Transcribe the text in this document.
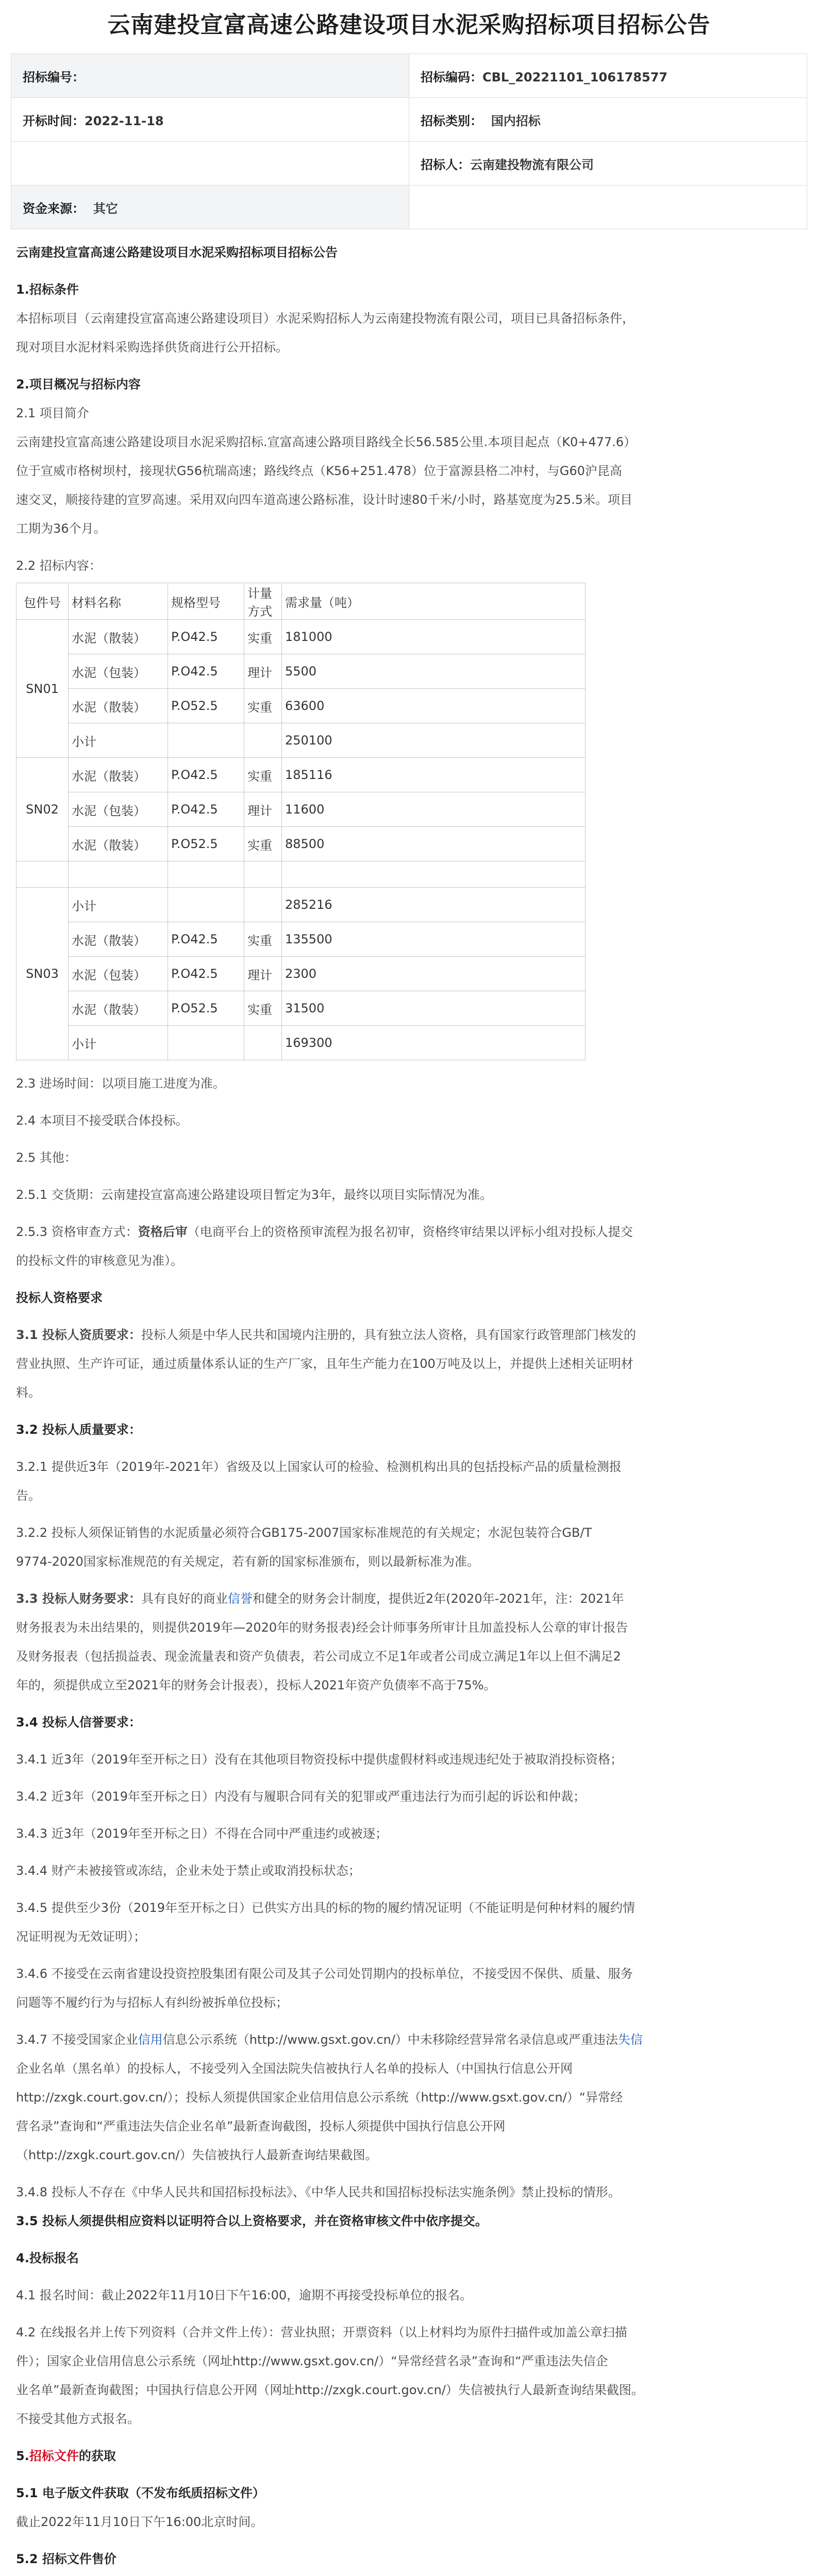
云南建投宣富高速公路建设项目水泥采购招标项目招标公告
招标编号：	招标编码：CBL_20221101_106178577
开标时间：2022-11-18	招标类别： 国内招标
	招标人：云南建投物流有限公司
资金来源： 其它	

云南建投宣富高速公路建设项目水泥采购招标项目招标公告

1.招标条件

本招标项目（云南建投宣富高速公路建设项目）水泥采购招标人为云南建投物流有限公司，项目已具备招标条件，

现对项目水泥材料采购选择供货商进行公开招标。

2.项目概况与招标内容

2.1 项目简介

云南建投宣富高速公路建设项目水泥采购招标.宣富高速公路项目路线全长56.585公里.本项目起点（K0+477.6）

位于宣威市格树坝村，接现状G56杭瑞高速；路线终点（K56+251.478）位于富源县格二冲村，与G60沪昆高

速交叉，顺接待建的宣罗高速。采用双向四车道高速公路标准，设计时速80千米/小时，路基宽度为25.5米。项目

工期为36个月。

2.2 招标内容：

包件号	材料名称	规格型号	计量方式	需求量（吨）
SN01	水泥（散装）	P.O42.5	实重	181000
	水泥（包装）	P.O42.5	理计	5500
	水泥（散装）	P.O52.5	实重	63600
	小计			250100
SN02	水泥（散装）	P.O42.5	实重	185116
	水泥（包装）	P.O42.5	理计	11600
	水泥（散装）	P.O52.5	实重	88500

SN03	小计			285216
	水泥（散装）	P.O42.5	实重	135500
	水泥（包装）	P.O42.5	理计	2300
	水泥（散装）	P.O52.5	实重	31500
	小计			169300

2.3 进场时间：以项目施工进度为准。

2.4 本项目不接受联合体投标。

2.5 其他：

2.5.1 交货期：云南建投宣富高速公路建设项目暂定为3年，最终以项目实际情况为准。

2.5.3 资格审查方式：资格后审（电商平台上的资格预审流程为报名初审，资格终审结果以评标小组对投标人提交

的投标文件的审核意见为准）。

投标人资格要求

3.1 投标人资质要求：投标人须是中华人民共和国境内注册的，具有独立法人资格，具有国家行政管理部门核发的

营业执照、生产许可证，通过质量体系认证的生产厂家，且年生产能力在100万吨及以上，并提供上述相关证明材

料。

3.2 投标人质量要求：

3.2.1 提供近3年（2019年-2021年）省级及以上国家认可的检验、检测机构出具的包括投标产品的质量检测报

告。

3.2.2 投标人须保证销售的水泥质量必须符合GB175-2007国家标准规范的有关规定；水泥包装符合GB/T

9774-2020国家标准规范的有关规定，若有新的国家标准颁布，则以最新标准为准。

3.3 投标人财务要求：具有良好的商业信誉和健全的财务会计制度，提供近2年(2020年-2021年，注：2021年

财务报表为未出结果的，则提供2019年—2020年的财务报表)经会计师事务所审计且加盖投标人公章的审计报告

及财务报表（包括损益表、现金流量表和资产负债表，若公司成立不足1年或者公司成立满足1年以上但不满足2

年的，须提供成立至2021年的财务会计报表），投标人2021年资产负债率不高于75%。

3.4 投标人信誉要求：

3.4.1 近3年（2019年至开标之日）没有在其他项目物资投标中提供虚假材料或违规违纪处于被取消投标资格；

3.4.2 近3年（2019年至开标之日）内没有与履职合同有关的犯罪或严重违法行为而引起的诉讼和仲裁；

3.4.3 近3年（2019年至开标之日）不得在合同中严重违约或被逐；

3.4.4 财产未被接管或冻结，企业未处于禁止或取消投标状态；

3.4.5 提供至少3份（2019年至开标之日）已供实方出具的标的物的履约情况证明（不能证明是何种材料的履约情

况证明视为无效证明）；

3.4.6 不接受在云南省建设投资控股集团有限公司及其子公司处罚期内的投标单位，不接受因不保供、质量、服务

问题等不履约行为与招标人有纠纷被拆单位投标；

3.4.7 不接受国家企业信用信息公示系统（http://www.gsxt.gov.cn/）中未移除经营异常名录信息或严重违法失信

企业名单（黑名单）的投标人，不接受列入全国法院失信被执行人名单的投标人（中国执行信息公开网

http://zxgk.court.gov.cn/）；投标人须提供国家企业信用信息公示系统（http://www.gsxt.gov.cn/）“异常经

营名录”查询和“严重违法失信企业名单”最新查询截图，投标人须提供中国执行信息公开网

（http://zxgk.court.gov.cn/）失信被执行人最新查询结果截图。

3.4.8 投标人不存在《中华人民共和国招标投标法》、《中华人民共和国招标投标法实施条例》禁止投标的情形。

3.5 投标人须提供相应资料以证明符合以上资格要求，并在资格审核文件中依序提交。

4.投标报名

4.1 报名时间：截止2022年11月10日下午16:00，逾期不再接受投标单位的报名。

4.2 在线报名并上传下列资料（合并文件上传）：营业执照；开票资料（以上材料均为原件扫描件或加盖公章扫描

件）；国家企业信用信息公示系统（网址http://www.gsxt.gov.cn/）“异常经营名录”查询和“严重违法失信企

业名单”最新查询截图；中国执行信息公开网（网址http://zxgk.court.gov.cn/）失信被执行人最新查询结果截图。

不接受其他方式报名。

5.招标文件的获取

5.1 电子版文件获取（不发布纸质招标文件）

截止2022年11月10日下午16:00北京时间。

5.2 招标文件售价
